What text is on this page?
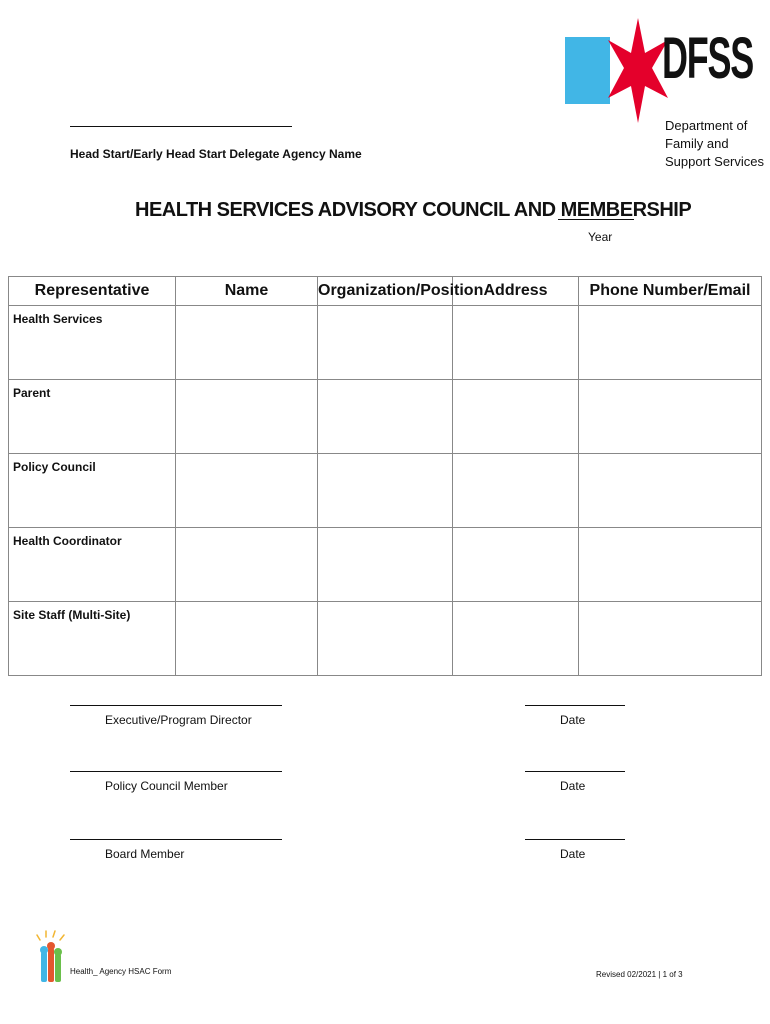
DFSS
Department of Family and Support Services
Head Start/Early Head Start Delegate Agency Name
HEALTH SERVICES ADVISORY COUNCIL AND MEMBERSHIP
Year
Representative	Name	Organization/Position	Address	Phone Number/Email
Health Services				
Parent				
Policy Council				
Health Coordinator				
Site Staff (Multi-Site)				
Executive/Program Director	Date
Policy Council Member	Date
Board Member	Date
Health_ Agency HSAC Form	Revised 02/2021 | 1 of 3
